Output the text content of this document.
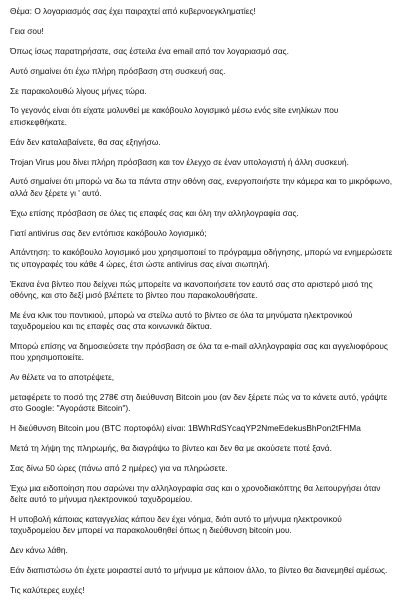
Θέμα: Ο λογαριασμός σας έχει παιραχτεί από κυβερνοεγκληματίες!

Γεια σου!

Όπως ίσως παρατηρήσατε, σας έστειλα ένα email από τον λογαριασμό σας.

Αυτό σημαίνει ότι έχω πλήρη πρόσβαση στη συσκευή σας.

Σε παρακολουθώ λίγους μήνες τώρα.

Το γεγονός είναι ότι είχατε μολυνθεί με κακόβουλο λογισμικό μέσω ενός site ενηλίκων που επισκεφθήκατε.

Εάν δεν καταλαβαίνετε, θα σας εξηγήσω.

Trojan Virus μου δίνει πλήρη πρόσβαση και τον έλεγχο σε έναν υπολογιστή ή άλλη συσκευή.

Αυτό σημαίνει ότι μπορώ να δω τα πάντα στην οθόνη σας, ενεργοποιήστε την κάμερα και το μικρόφωνο, αλλά δεν ξέρετε γι ' αυτό.

Έχω επίσης πρόσβαση σε όλες τις επαφές σας και όλη την αλληλογραφία σας.

Γιατί antivirus σας δεν εντόπισε κακόβουλο λογισμικό;

Απάντηση: το κακόβουλο λογισμικό μου χρησιμοποιεί το πρόγραμμα οδήγησης, μπορώ να ενημερώσετε τις υπογραφές του κάθε 4 ώρες, έτσι ώστε antivirus σας είναι σιωπηλή.

Έκανα ένα βίντεο που δείχνει πώς μπορείτε να ικανοποιήσετε τον εαυτό σας στο αριστερό μισό της οθόνης, και στο δεξί μισό βλέπετε το βίντεο που παρακολουθήσατε.

Με ένα κλικ του ποντικιού, μπορώ να στείλω αυτό το βίντεο σε όλα τα μηνύματα ηλεκτρονικού ταχυδρομείου και τις επαφές σας στα κοινωνικά δίκτυα.

Μπορώ επίσης να δημοσιεύσετε την πρόσβαση σε όλα τα e-mail αλληλογραφία σας και αγγελιοφόρους που χρησιμοποιείτε.

Αν θέλετε να το αποτρέψετε,

μεταφέρετε το ποσό της 278€ στη διεύθυνση Bitcoin μου (αν δεν ξέρετε πώς να το κάνετε αυτό, γράψτε στο Google: "Αγοράστε Bitcoin").

Η διεύθυνση Bitcoin μου (BTC πορτοφόλι) είναι: 1BWhRdSYcaqYP2NmeEdekusBhPon2tFHMa

Μετά τη λήψη της πληρωμής, θα διαγράψω το βίντεο και δεν θα με ακούσετε ποτέ ξανά.

Σας δίνω 50 ώρες (πάνω από 2 ημέρες) για να πληρώσετε.

Έχω μια ειδοποίηση που σαρώνει την αλληλογραφία σας και ο χρονοδιακόπτης θα λειτουργήσει όταν δείτε αυτό το μήνυμα ηλεκτρονικού ταχυδρομείου.

Η υποβολή κάποιας καταγγελίας κάπου δεν έχει νόημα, διότι αυτό το μήνυμα ηλεκτρονικού ταχυδρομείου δεν μπορεί να παρακολουθηθεί όπως η διεύθυνση bitcoin μου.

Δεν κάνω λάθη.

Εάν διαπιστώσω ότι έχετε μοιραστεί αυτό το μήνυμα με κάποιον άλλο, το βίντεο θα διανεμηθεί αμέσως.

Τις καλύτερες ευχές!
